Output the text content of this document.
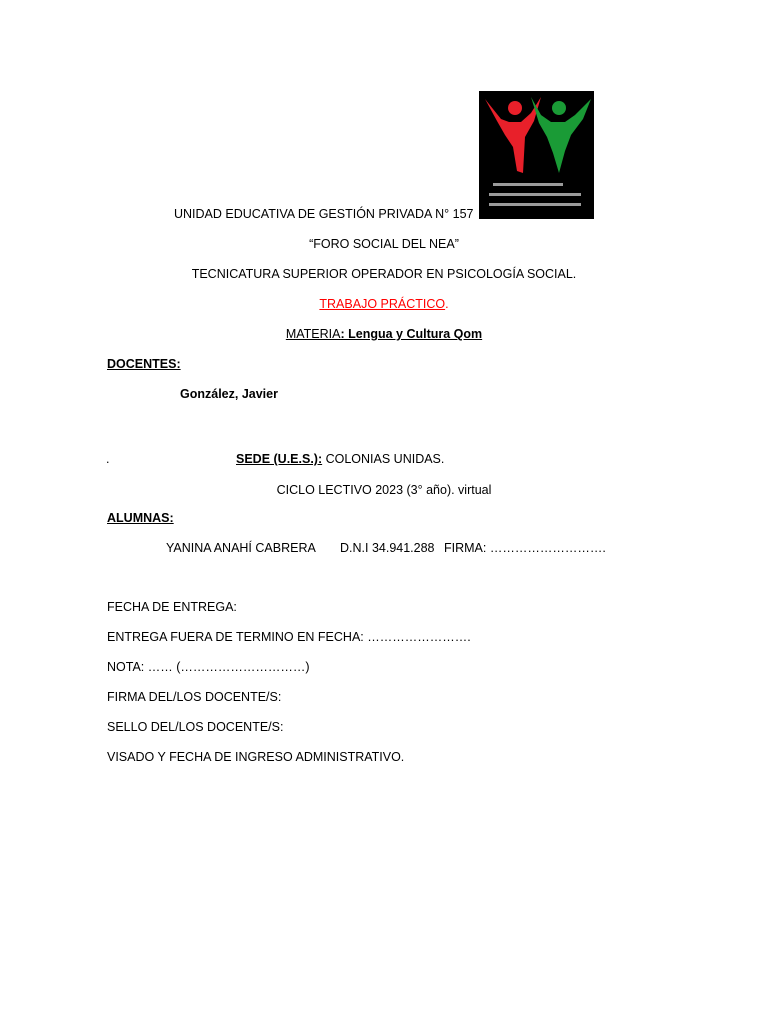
UNIDAD EDUCATIVA DE GESTIÓN PRIVADA N° 157
“FORO SOCIAL DEL NEA”
TECNICATURA SUPERIOR OPERADOR EN PSICOLOGÍA SOCIAL.
TRABAJO PRÁCTICO.
MATERIA: Lengua y Cultura Qom
DOCENTES:
González, Javier
.	SEDE (U.E.S.): COLONIAS UNIDAS.
CICLO LECTIVO 2023 (3° año). virtual
ALUMNAS:
YANINA ANAHÍ CABRERA D.N.I 34.941.288 FIRMA: ……………………….
FECHA DE ENTREGA:
ENTREGA FUERA DE TERMINO EN FECHA: …………………….
NOTA: …… (…………………………)
FIRMA DEL/LOS DOCENTE/S:
SELLO DEL/LOS DOCENTE/S:
VISADO Y FECHA DE INGRESO ADMINISTRATIVO.
